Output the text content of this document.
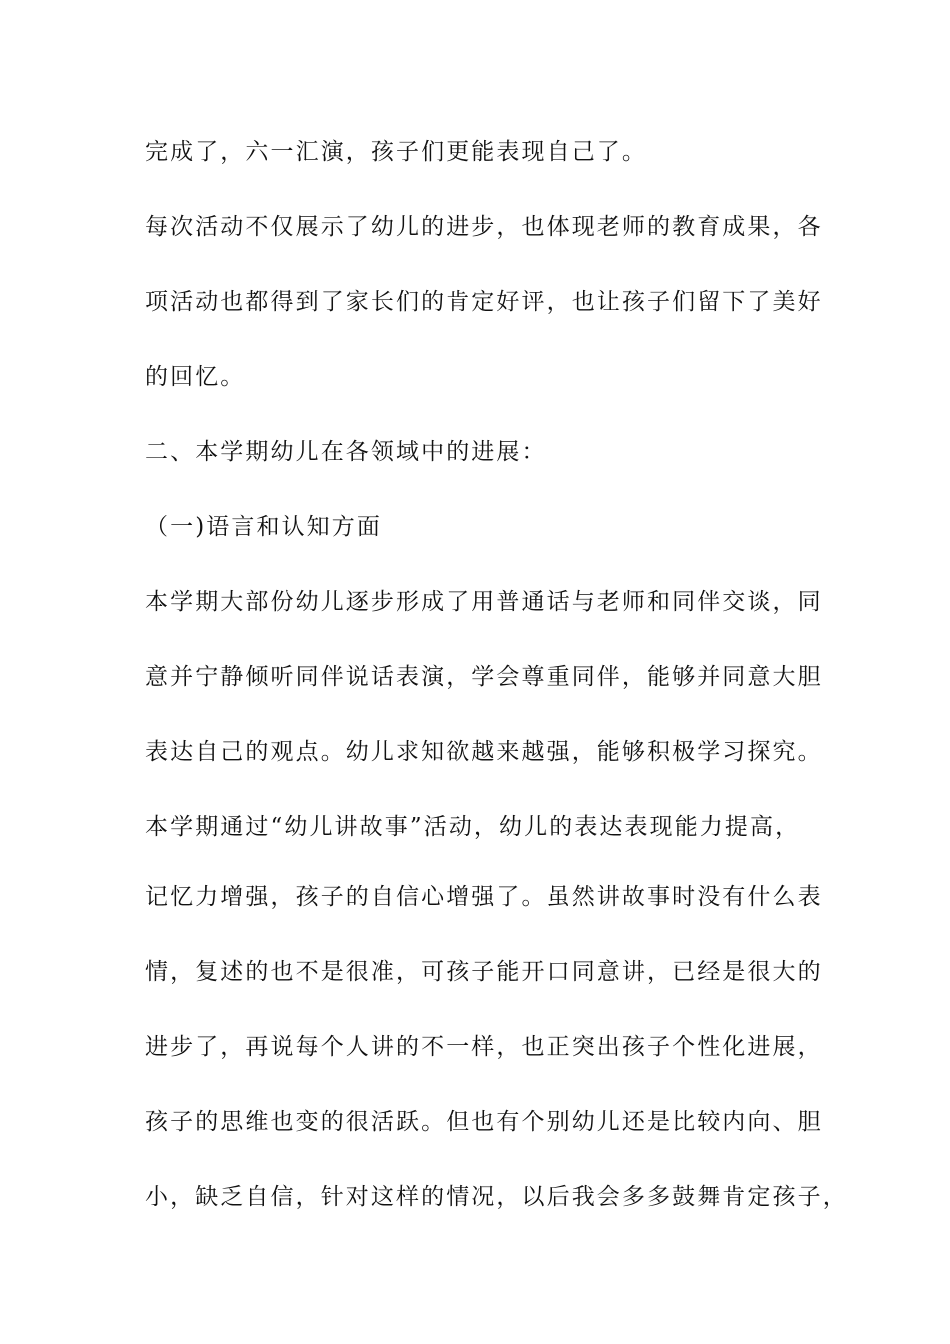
完成了，六一汇演，孩子们更能表现自己了。
每次活动不仅展示了幼儿的进步，也体现老师的教育成果，各
项活动也都得到了家长们的肯定好评，也让孩子们留下了美好
的回忆。
二、本学期幼儿在各领域中的进展：
（一)语言和认知方面
本学期大部份幼儿逐步形成了用普通话与老师和同伴交谈，同
意并宁静倾听同伴说话表演，学会尊重同伴，能够并同意大胆
表达自己的观点。幼儿求知欲越来越强，能够积极学习探究。
本学期通过“幼儿讲故事”活动，幼儿的表达表现能力提高，
记忆力增强，孩子的自信心增强了。虽然讲故事时没有什么表
情，复述的也不是很准，可孩子能开口同意讲，已经是很大的
进步了，再说每个人讲的不一样，也正突出孩子个性化进展，
孩子的思维也变的很活跃。但也有个别幼儿还是比较内向、胆
小，缺乏自信，针对这样的情况，以后我会多多鼓舞肯定孩子，
